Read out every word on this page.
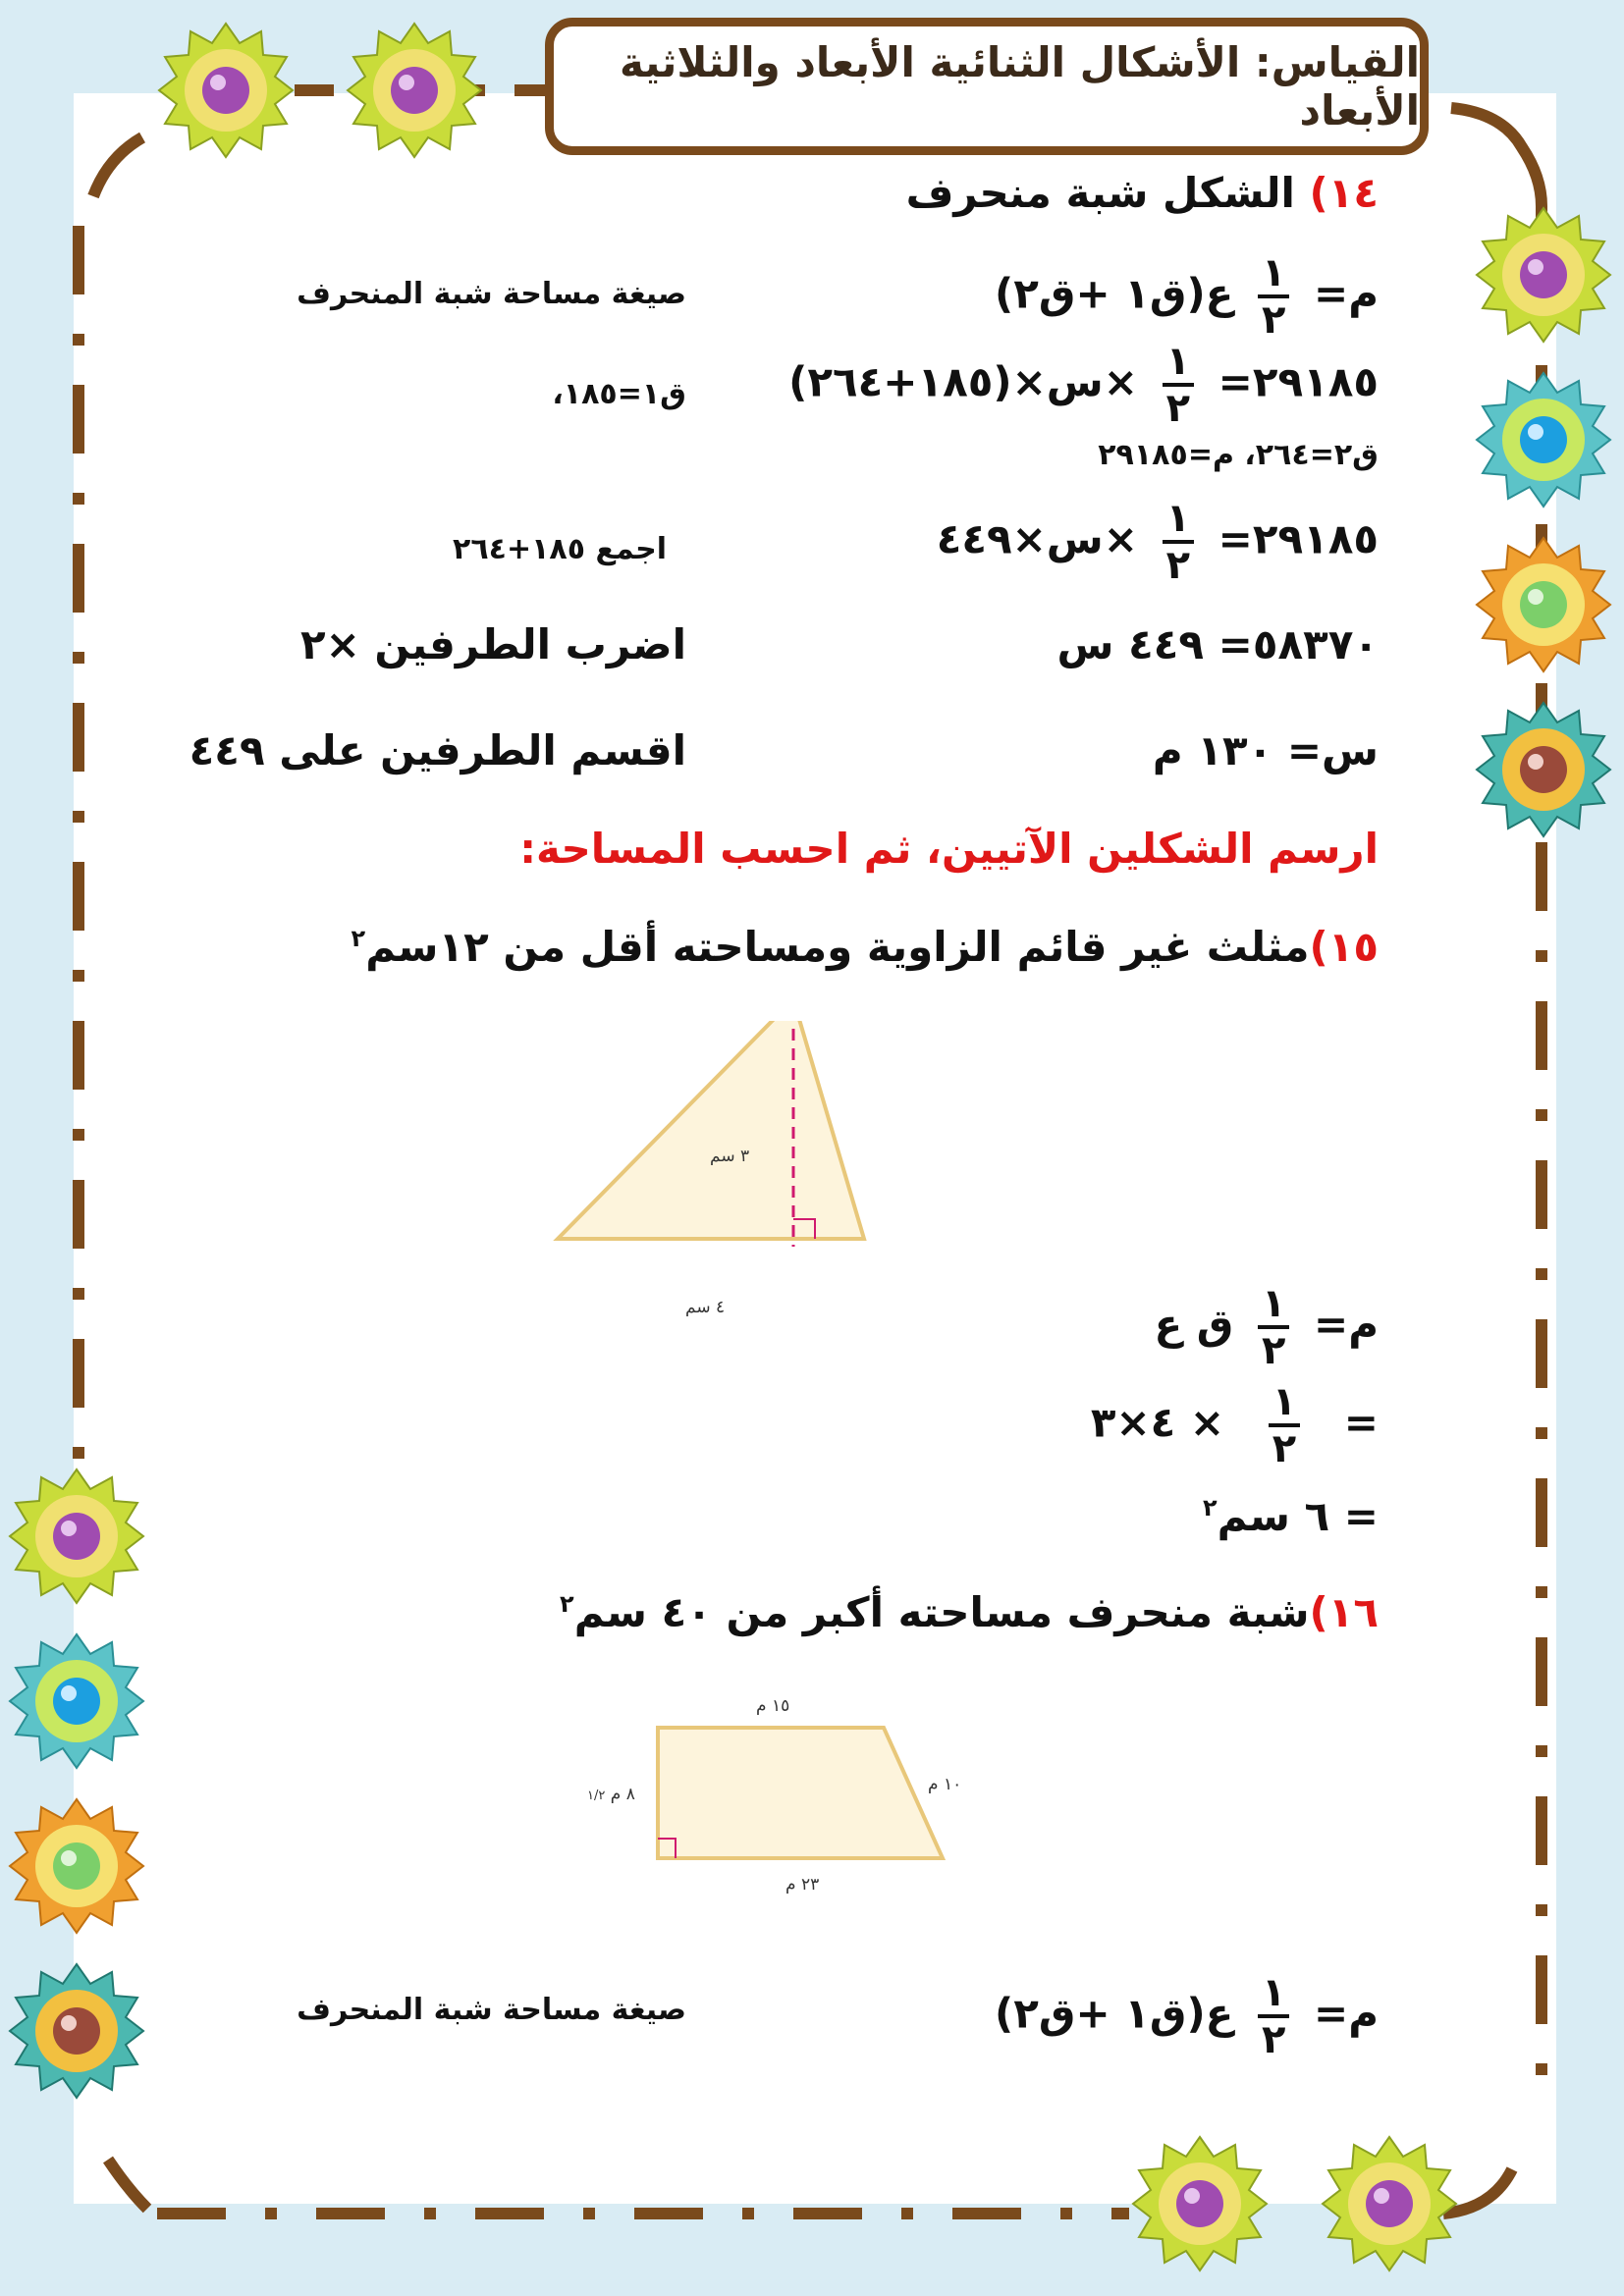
القياس: الأشكال الثنائية الأبعاد والثلاثية الأبعاد
١٤) الشكل شبة منحرف
م=
$\frac{١}{٢}$
ع(ق١ +ق٢)
صيغة مساحة شبة المنحرف
٢٩١٨٥=
$\frac{١}{٢}$
×س×(١٨٥+٢٦٤)
ق١=١٨٥،
ق٢=٢٦٤، م=٢٩١٨٥
٢٩١٨٥=
$\frac{١}{٢}$
×س×٤٤٩
اجمع ١٨٥+٢٦٤
٥٨٣٧٠= ٤٤٩ س
اضرب الطرفين ×٢
س= ١٣٠ م
اقسم الطرفين على ٤٤٩
ارسم الشكلين الآتيين، ثم احسب المساحة:
١٥)مثلث غير قائم الزاوية ومساحته أقل من ١٢سم$^٢$
٣ سم
٤ سم	م=
$\frac{١}{٢}$
ق ع
=
$\frac{١}{٢}$
× ٤×٣
= ٦ سم$^٢$
١٦)شبة منحرف مساحته أكبر من ٤٠ سم$^٢$
١٥ م
٢٣ م
١٠ م
٨ م ١/٢
م=
$\frac{١}{٢}$
ع(ق١ +ق٢)
صيغة مساحة شبة المنحرف
